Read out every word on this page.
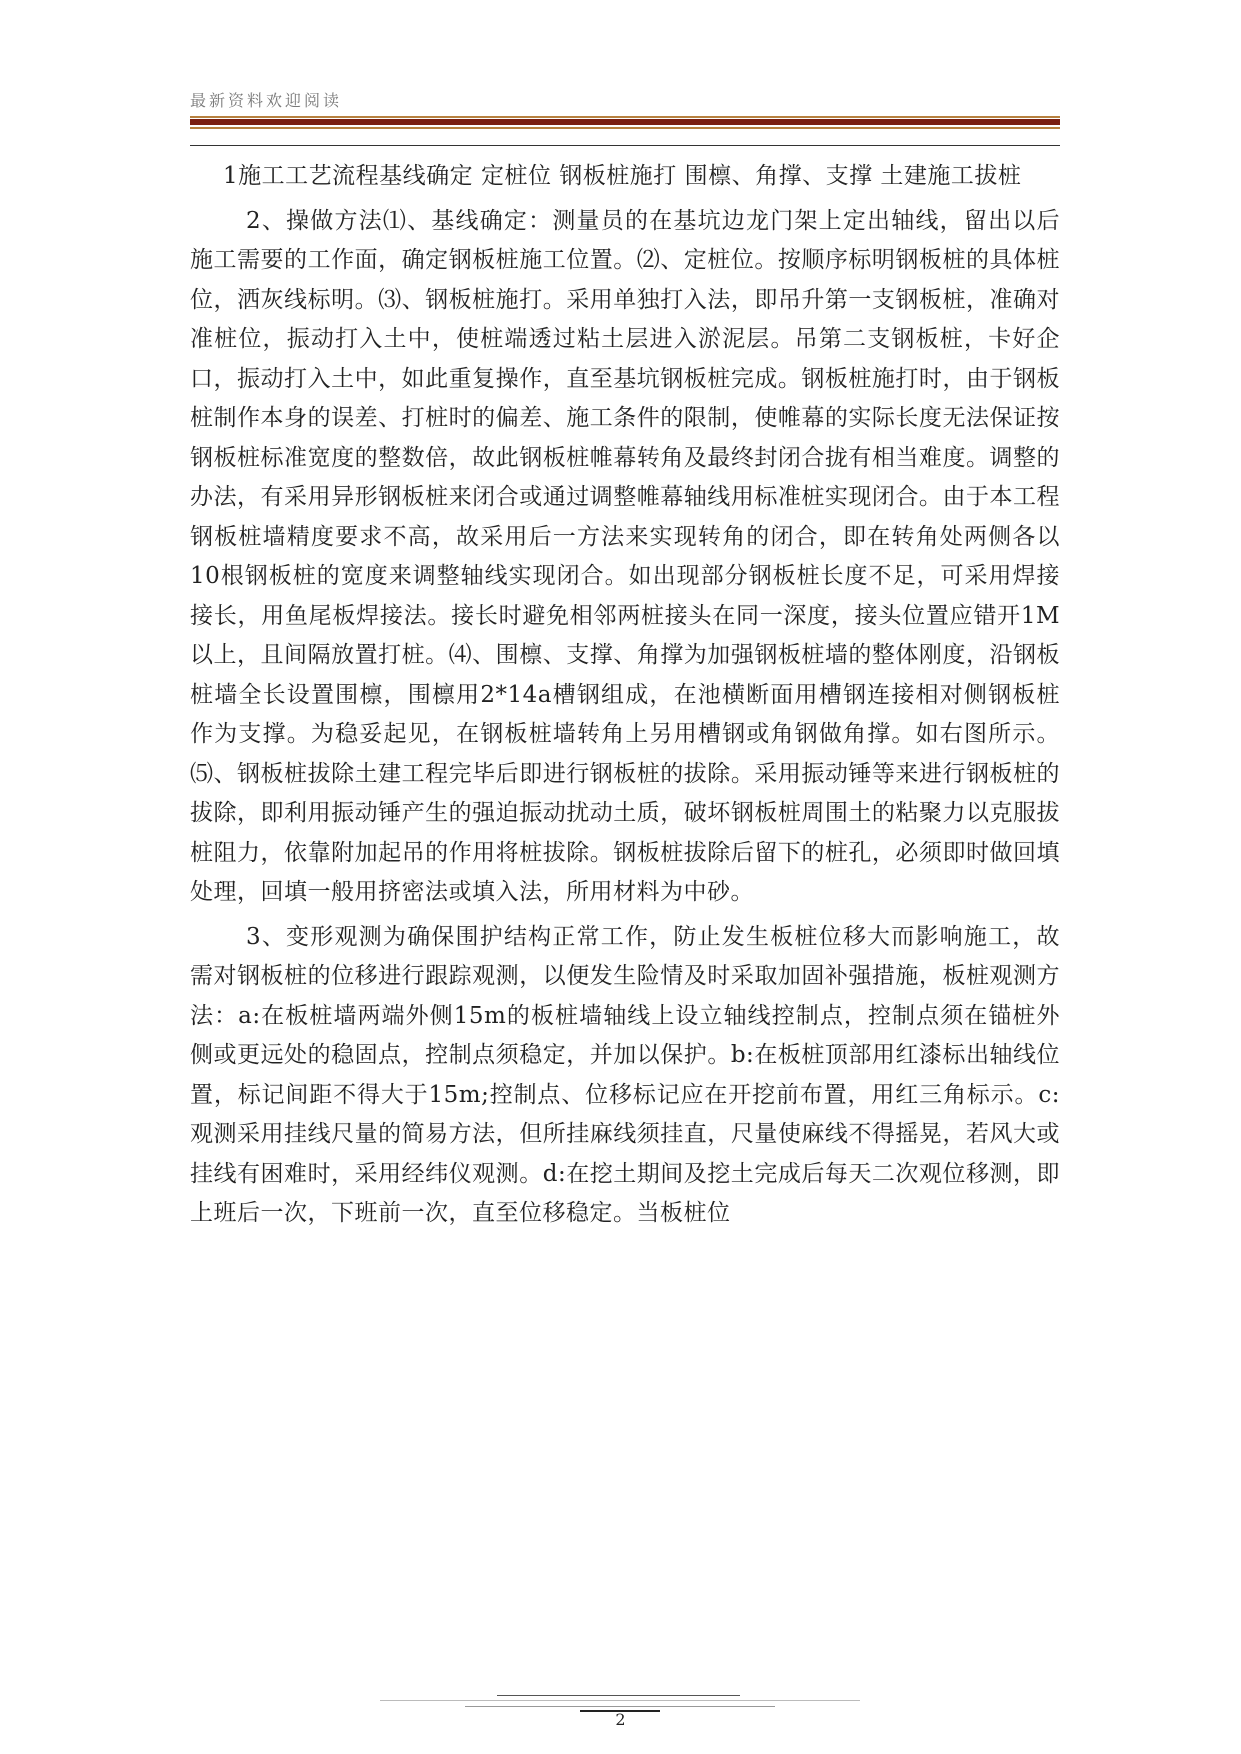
最新资料欢迎阅读

1施工工艺流程基线确定 定桩位 钢板桩施打 围檩、角撑、支撑 土建施工拔桩

2、操做方法⑴、基线确定：测量员的在基坑边龙门架上定出轴线，留出以后施工需要的工作面，确定钢板桩施工位置。⑵、定桩位。按顺序标明钢板桩的具体桩位，洒灰线标明。⑶、钢板桩施打。采用单独打入法，即吊升第一支钢板桩，准确对准桩位，振动打入土中，使桩端透过粘土层进入淤泥层。吊第二支钢板桩，卡好企口，振动打入土中，如此重复操作，直至基坑钢板桩完成。钢板桩施打时，由于钢板桩制作本身的误差、打桩时的偏差、施工条件的限制，使帷幕的实际长度无法保证按钢板桩标准宽度的整数倍，故此钢板桩帷幕转角及最终封闭合拢有相当难度。调整的办法，有采用异形钢板桩来闭合或通过调整帷幕轴线用标准桩实现闭合。由于本工程钢板桩墙精度要求不高，故采用后一方法来实现转角的闭合，即在转角处两侧各以10根钢板桩的宽度来调整轴线实现闭合。如出现部分钢板桩长度不足，可采用焊接接长，用鱼尾板焊接法。接长时避免相邻两桩接头在同一深度，接头位置应错开1M以上，且间隔放置打桩。⑷、围檩、支撑、角撑为加强钢板桩墙的整体刚度，沿钢板桩墙全长设置围檩，围檩用2*14a槽钢组成，在池横断面用槽钢连接相对侧钢板桩作为支撑。为稳妥起见，在钢板桩墙转角上另用槽钢或角钢做角撑。如右图所示。⑸、钢板桩拔除土建工程完毕后即进行钢板桩的拔除。采用振动锤等来进行钢板桩的拔除，即利用振动锤产生的强迫振动扰动土质，破坏钢板桩周围土的粘聚力以克服拔桩阻力，依靠附加起吊的作用将桩拔除。钢板桩拔除后留下的桩孔，必须即时做回填处理，回填一般用挤密法或填入法，所用材料为中砂。

3、变形观测为确保围护结构正常工作，防止发生板桩位移大而影响施工，故需对钢板桩的位移进行跟踪观测，以便发生险情及时采取加固补强措施，板桩观测方法：a:在板桩墙两端外侧15m的板桩墙轴线上设立轴线控制点，控制点须在锚桩外侧或更远处的稳固点，控制点须稳定，并加以保护。b:在板桩顶部用红漆标出轴线位置，标记间距不得大于15m;控制点、位移标记应在开挖前布置，用红三角标示。c:观测采用挂线尺量的简易方法，但所挂麻线须挂直，尺量使麻线不得摇晃，若风大或挂线有困难时，采用经纬仪观测。d:在挖土期间及挖土完成后每天二次观位移测，即上班后一次，下班前一次，直至位移稳定。当板桩位

2
